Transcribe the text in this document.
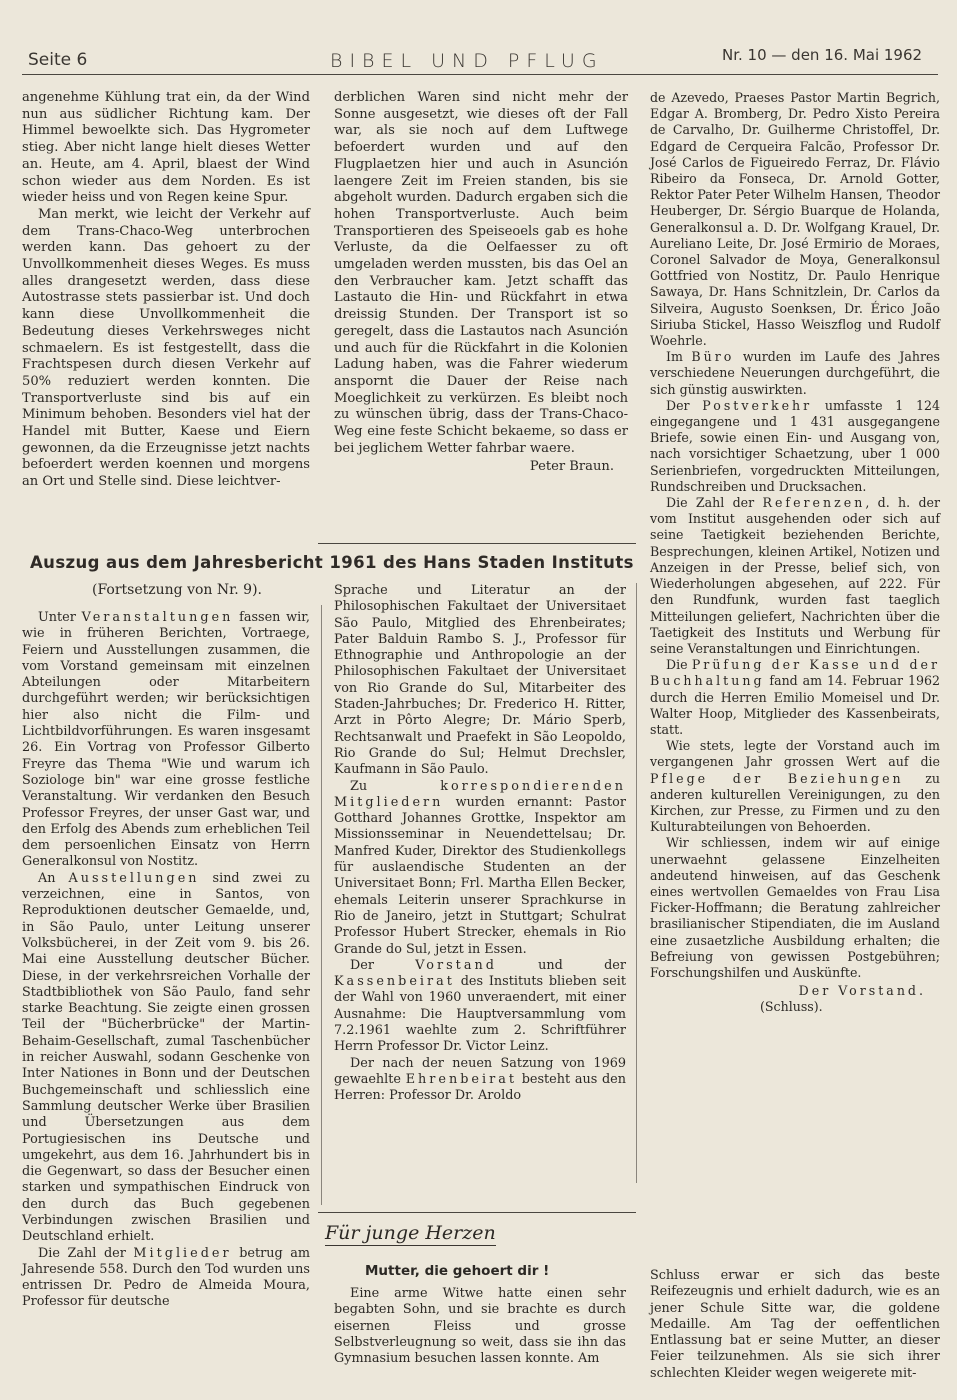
Seite 6	BIBEL UND PFLUG	Nr. 10 — den 16. Mai 1962

angenehme Kühlung trat ein, da der Wind nun aus südlicher Richtung kam. Der Himmel bewoelkte sich. Das Hygrometer stieg. Aber nicht lange hielt dieses Wetter an. Heute, am 4. April, blaest der Wind schon wieder aus dem Norden. Es ist wieder heiss und von Regen keine Spur.

Man merkt, wie leicht der Verkehr auf dem Trans-Chaco-Weg unterbrochen werden kann. Das gehoert zu der Unvollkommenheit dieses Weges. Es muss alles drangesetzt werden, dass diese Autostrasse stets passierbar ist. Und doch kann diese Unvollkommenheit die Bedeutung dieses Verkehrsweges nicht schmaelern. Es ist festgestellt, dass die Frachtspesen durch diesen Verkehr auf 50% reduziert werden konnten. Die Transportverluste sind bis auf ein Minimum behoben. Besonders viel hat der Handel mit Butter, Kaese und Eiern gewonnen, da die Erzeugnisse jetzt nachts befoerdert werden koennen und morgens an Ort und Stelle sind. Diese leichtver-

derblichen Waren sind nicht mehr der Sonne ausgesetzt, wie dieses oft der Fall war, als sie noch auf dem Luftwege befoerdert wurden und auf den Flugplaetzen hier und auch in Asunción laengere Zeit im Freien standen, bis sie abgeholt wurden. Dadurch ergaben sich die hohen Transportverluste. Auch beim Transportieren des Speiseoels gab es hohe Verluste, da die Oelfaesser zu oft umgeladen werden mussten, bis das Oel an den Verbraucher kam. Jetzt schafft das Lastauto die Hin- und Rückfahrt in etwa dreissig Stunden. Der Transport ist so geregelt, dass die Lastautos nach Asunción und auch für die Rückfahrt in die Kolonien Ladung haben, was die Fahrer wiederum anspornt die Dauer der Reise nach Moeglichkeit zu verkürzen. Es bleibt noch zu wünschen übrig, dass der Trans-Chaco-Weg eine feste Schicht bekaeme, so dass er bei jeglichem Wetter fahrbar waere.

Peter Braun.

de Azevedo, Praeses Pastor Martin Begrich, Edgar A. Bromberg, Dr. Pedro Xisto Pereira de Carvalho, Dr. Guilherme Christoffel, Dr. Edgard de Cerqueira Falcão, Professor Dr. José Carlos de Figueiredo Ferraz, Dr. Flávio Ribeiro da Fonseca, Dr. Arnold Gotter, Rektor Pater Peter Wilhelm Hansen, Theodor Heuberger, Dr. Sérgio Buarque de Holanda, Generalkonsul a. D. Dr. Wolfgang Krauel, Dr. Aureliano Leite, Dr. José Ermirio de Moraes, Coronel Salvador de Moya, Generalkonsul Gottfried von Nostitz, Dr. Paulo Henrique Sawaya, Dr. Hans Schnitzlein, Dr. Carlos da Silveira, Augusto Soenksen, Dr. Érico João Siriuba Stickel, Hasso Weiszflog und Rudolf Woehrle.

Im Büro wurden im Laufe des Jahres verschiedene Neuerungen durchgeführt, die sich günstig auswirkten.

Der Postverkehr umfasste 1 124 eingegangene und 1 431 ausgegangene Briefe, sowie einen Ein- und Ausgang von, nach vorsichtiger Schaetzung, uber 1 000 Serienbriefen, vorgedruckten Mitteilungen, Rundschreiben und Drucksachen.

Die Zahl der Referenzen, d. h. der vom Institut ausgehenden oder sich auf seine Taetigkeit beziehenden Berichte, Besprechungen, kleinen Artikel, Notizen und Anzeigen in der Presse, belief sich, von Wiederholungen abgesehen, auf 222. Für den Rundfunk, wurden fast taeglich Mitteilungen geliefert, Nachrichten über die Taetigkeit des Instituts und Werbung für seine Veranstaltungen und Einrichtungen.

Die Prüfung der Kasse und der Buchhaltung fand am 14. Februar 1962 durch die Herren Emilio Momeisel und Dr. Walter Hoop, Mitglieder des Kassenbeirats, statt.

Wie stets, legte der Vorstand auch im vergangenen Jahr grossen Wert auf die Pflege der Beziehungen zu anderen kulturellen Vereinigungen, zu den Kirchen, zur Presse, zu Firmen und zu den Kulturabteilungen von Behoerden.

Wir schliessen, indem wir auf einige unerwaehnt gelassene Einzelheiten andeutend hinweisen, auf das Geschenk eines wertvollen Gemaeldes von Frau Lisa Ficker-Hoffmann; die Beratung zahlreicher brasilianischer Stipendiaten, die im Ausland eine zusaetzliche Ausbildung erhalten; die Befreiung von gewissen Postgebühren; Forschungshilfen und Auskünfte.

Der Vorstand.
(Schluss).
Auszug aus dem Jahresbericht 1961 des Hans Staden Instituts
(Fortsetzung von Nr. 9).

Unter Veranstaltungen fassen wir, wie in früheren Berichten, Vortraege, Feiern und Ausstellungen zusammen, die vom Vorstand gemeinsam mit einzelnen Abteilungen oder Mitarbeitern durchgeführt werden; wir berücksichtigen hier also nicht die Film- und Lichtbildvorführungen. Es waren insgesamt 26. Ein Vortrag von Professor Gilberto Freyre das Thema "Wie und warum ich Soziologe bin" war eine grosse festliche Veranstaltung. Wir verdanken den Besuch Professor Freyres, der unser Gast war, und den Erfolg des Abends zum erheblichen Teil dem persoenlichen Einsatz von Herrn Generalkonsul von Nostitz.

An Ausstellungen sind zwei zu verzeichnen, eine in Santos, von Reproduktionen deutscher Gemaelde, und, in São Paulo, unter Leitung unserer Volksbücherei, in der Zeit vom 9. bis 26. Mai eine Ausstellung deutscher Bücher. Diese, in der verkehrsreichen Vorhalle der Stadtbibliothek von São Paulo, fand sehr starke Beachtung. Sie zeigte einen grossen Teil der "Bücherbrücke" der Martin-Behaim-Gesellschaft, zumal Taschenbücher in reicher Auswahl, sodann Geschenke von Inter Nationes in Bonn und der Deutschen Buchgemeinschaft und schliesslich eine Sammlung deutscher Werke über Brasilien und Übersetzungen aus dem Portugiesischen ins Deutsche und umgekehrt, aus dem 16. Jahrhundert bis in die Gegenwart, so dass der Besucher einen starken und sympathischen Eindruck von den durch das Buch gegebenen Verbindungen zwischen Brasilien und Deutschland erhielt.

Die Zahl der Mitglieder betrug am Jahresende 558. Durch den Tod wurden uns entrissen Dr. Pedro de Almeida Moura, Professor für deutsche

Sprache und Literatur an der Philosophischen Fakultaet der Universitaet São Paulo, Mitglied des Ehrenbeirates; Pater Balduin Rambo S. J., Professor für Ethnographie und Anthropologie an der Philosophischen Fakultaet der Universitaet von Rio Grande do Sul, Mitarbeiter des Staden-Jahrbuches; Dr. Frederico H. Ritter, Arzt in Pôrto Alegre; Dr. Mário Sperb, Rechtsanwalt und Praefekt in São Leopoldo, Rio Grande do Sul; Helmut Drechsler, Kaufmann in São Paulo.

Zu	korrespondierenden Mitgliedern wurden ernannt: Pastor Gotthard Johannes Grottke, Inspektor am Missionsseminar in Neuendettelsau; Dr. Manfred Kuder, Direktor des Studienkollegs für auslaendische Studenten an der Universitaet Bonn; Frl. Martha Ellen Becker, ehemals Leiterin unserer Sprachkurse in Rio de Janeiro, jetzt in Stuttgart; Schulrat Professor Hubert Strecker, ehemals in Rio Grande do Sul, jetzt in Essen.

Der	Vorstand	und der Kassenbeirat des Instituts blieben seit der Wahl von 1960 unveraendert, mit einer Ausnahme: Die Hauptversammlung vom 7.2.1961 waehlte zum 2. Schriftführer Herrn Professor Dr. Victor Leinz.

Der nach der neuen Satzung von 1969 gewaehlte Ehrenbeirat besteht aus den Herren: Professor Dr. Aroldo

Für junge Herzen
Mutter, die gehoert dir !

Eine arme Witwe hatte einen sehr begabten Sohn, und sie brachte es durch eisernen Fleiss und grosse Selbstverleugnung so weit, dass sie ihn das Gymnasium besuchen lassen konnte. Am

Schluss erwar er sich das beste Reifezeugnis und erhielt dadurch, wie es an jener Schule Sitte war, die goldene Medaille. Am Tag der oeffentlichen Entlassung bat er seine Mutter, an dieser Feier teilzunehmen. Als sie sich ihrer schlechten Kleider wegen weigerete mit-
